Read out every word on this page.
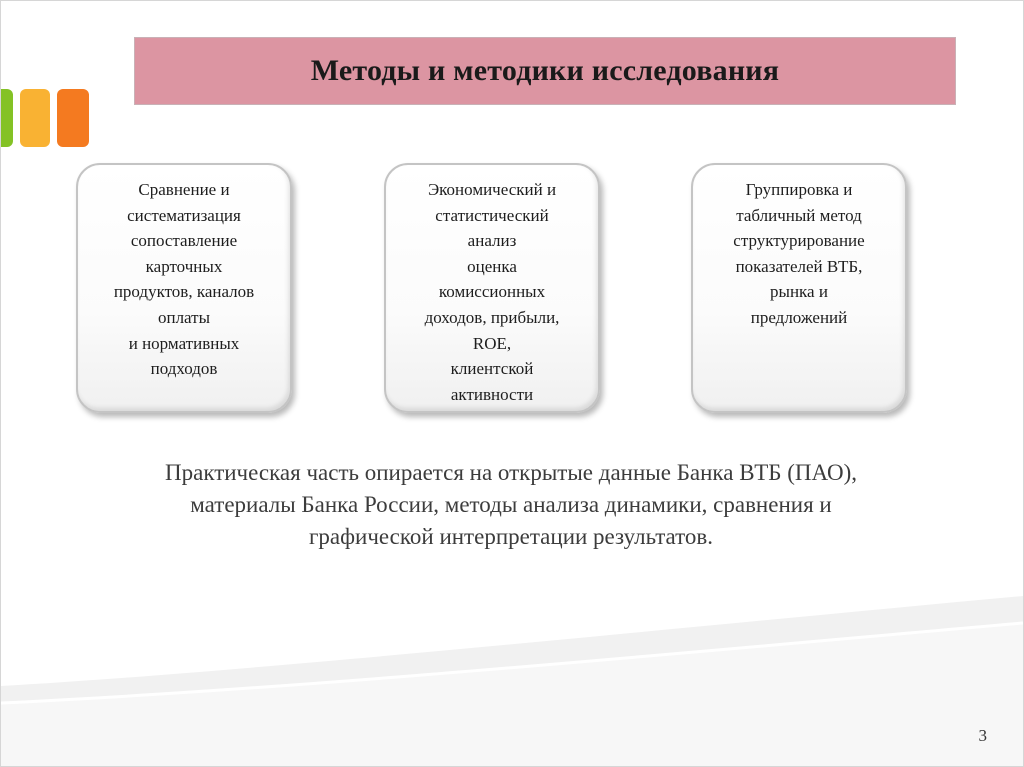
Методы и методики исследования
Сравнение и
систематизация
сопоставление
карточных
продуктов, каналов
оплаты
и нормативных
подходов
Экономический и
статистический
анализ
оценка
комиссионных
доходов, прибыли,
ROE,
клиентской
активности
Группировка и
табличный метод
структурирование
показателей ВТБ,
рынка и
предложений
Практическая часть опирается на открытые данные Банка ВТБ (ПАО),
материалы Банка России, методы анализа динамики, сравнения и
графической интерпретации результатов.
3
